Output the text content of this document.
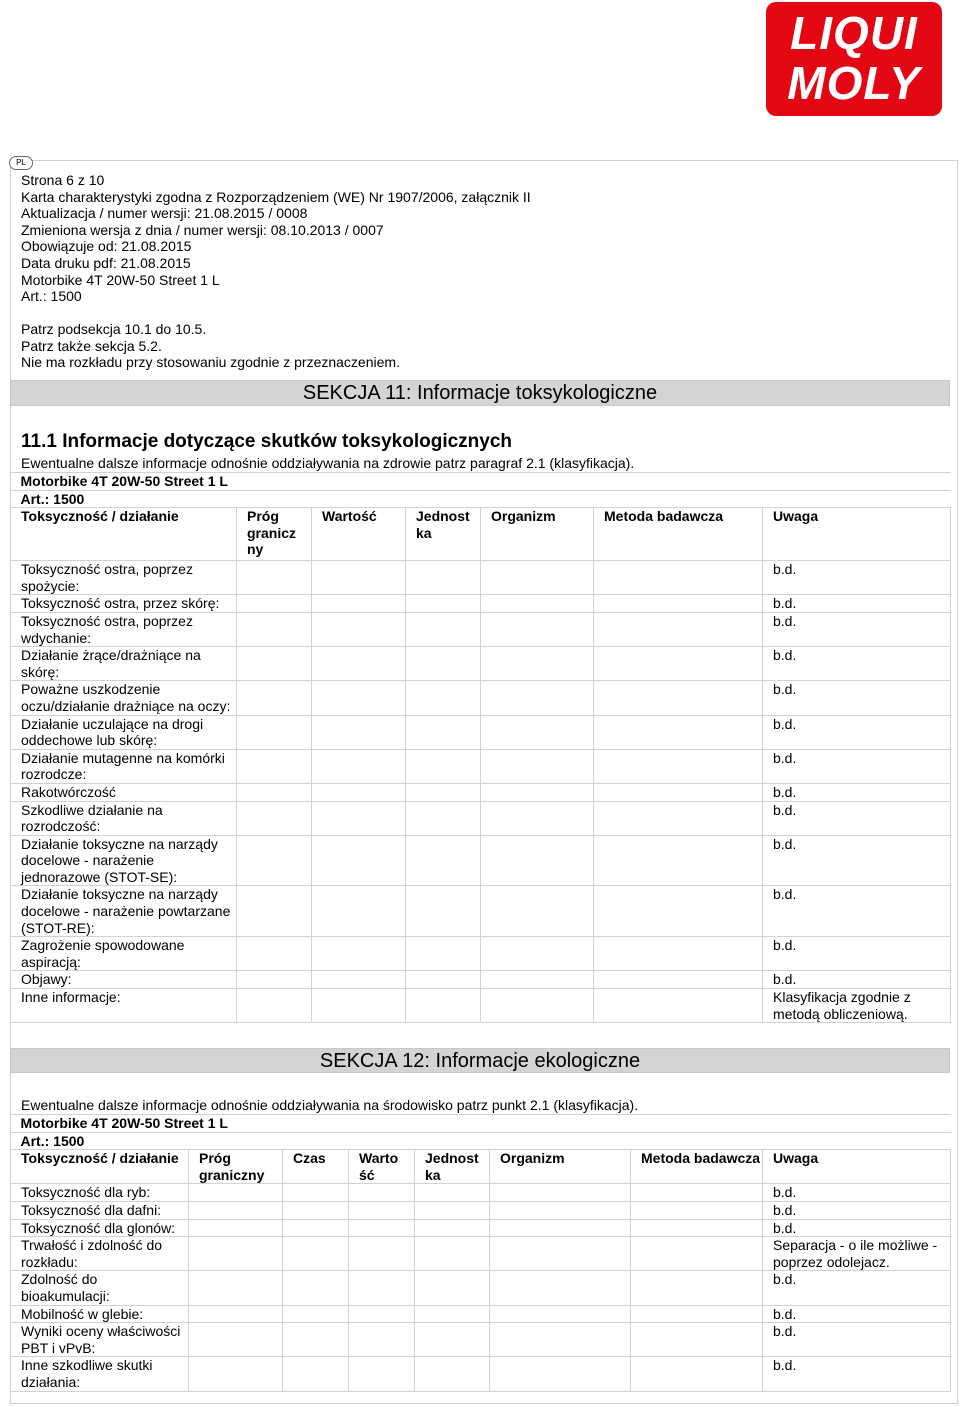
LIQUI
MOLY
PL
Strona 6 z 10
Karta charakterystyki zgodna z Rozporządzeniem (WE) Nr 1907/2006, załącznik II
Aktualizacja / numer wersji: 21.08.2015 / 0008
Zmieniona wersja z dnia / numer wersji: 08.10.2013 / 0007
Obowiązuje od: 21.08.2015
Data druku pdf: 21.08.2015
Motorbike 4T 20W-50 Street 1 L
Art.: 1500
Patrz podsekcja 10.1 do 10.5.
Patrz także sekcja 5.2.
Nie ma rozkładu przy stosowaniu zgodnie z przeznaczeniem.
SEKCJA 11: Informacje toksykologiczne
11.1 Informacje dotyczące skutków toksykologicznych
Ewentualne dalsze informacje odnośnie oddziaływania na zdrowie patrz paragraf 2.1 (klasyfikacja).
Motorbike 4T 20W-50 Street 1 L						
Art.: 1500						
Toksyczność / działanie	Próg granicz ny	Wartość	Jednost ka	Organizm	Metoda badawcza	Uwaga
Toksyczność ostra, poprzez spożycie:						b.d.
Toksyczność ostra, przez skórę:						b.d.
Toksyczność ostra, poprzez wdychanie:						b.d.
Działanie żrące/drażniące na skórę:						b.d.
Poważne uszkodzenie oczu/działanie drażniące na oczy:						b.d.
Działanie uczulające na drogi oddechowe lub skórę:						b.d.
Działanie mutagenne na komórki rozrodcze:						b.d.
Rakotwórczość						b.d.
Szkodliwe działanie na rozrodczość:						b.d.
Działanie toksyczne na narządy docelowe - narażenie jednorazowe (STOT-SE):						b.d.
Działanie toksyczne na narządy docelowe - narażenie powtarzane (STOT-RE):						b.d.
Zagrożenie spowodowane aspiracją:						b.d.
Objawy:						b.d.
Inne informacje:						Klasyfikacja zgodnie z metodą obliczeniową.
SEKCJA 12: Informacje ekologiczne
Ewentualne dalsze informacje odnośnie oddziaływania na środowisko patrz punkt 2.1 (klasyfikacja).
Motorbike 4T 20W-50 Street 1 L							
Art.: 1500							
Toksyczność / działanie	Próg graniczny	Czas	Warto ść	Jednost ka	Organizm	Metoda badawcza	Uwaga
Toksyczność dla ryb:							b.d.
Toksyczność dla dafni:							b.d.
Toksyczność dla glonów:							b.d.
Trwałość i zdolność do rozkładu:							Separacja - o ile możliwe - poprzez odolejacz.
Zdolność do bioakumulacji:							b.d.
Mobilność w glebie:							b.d.
Wyniki oceny właściwości PBT i vPvB:							b.d.
Inne szkodliwe skutki działania:							b.d.
